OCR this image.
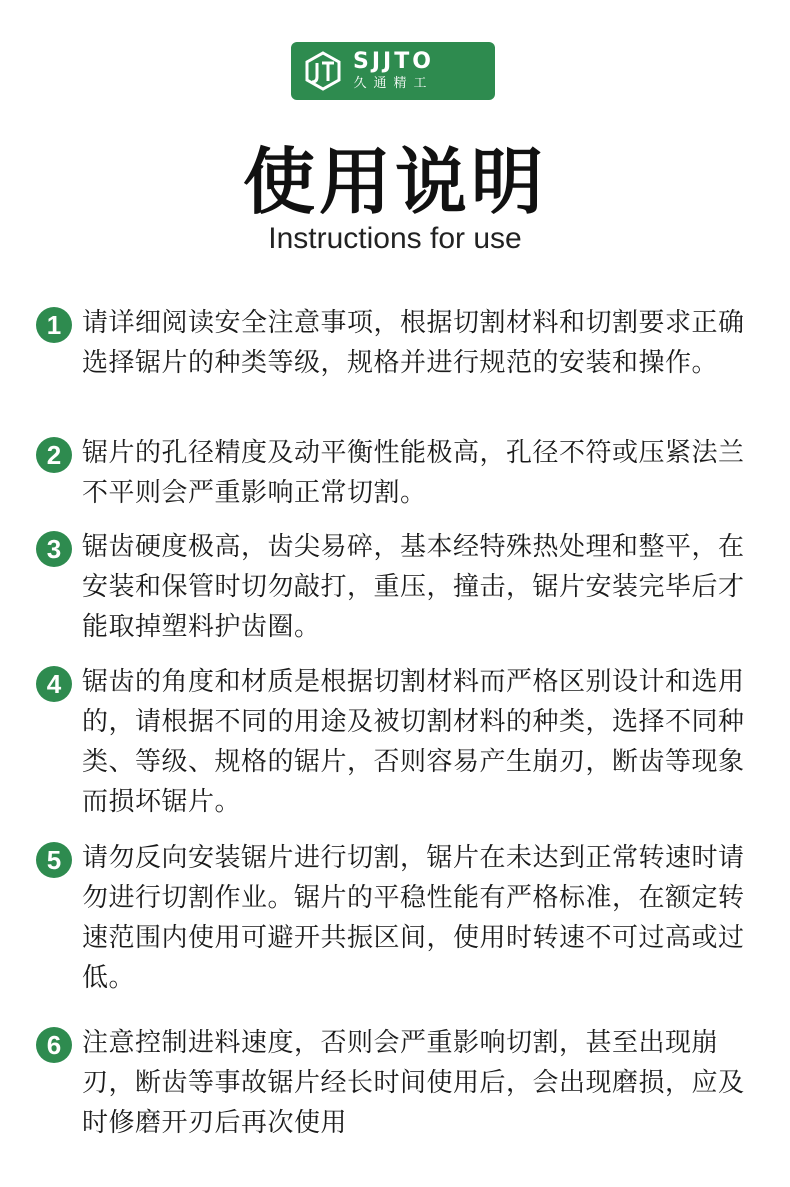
SJJTO
久通精工
使用说明
Instructions for use
1 请详细阅读安全注意事项，根据切割材料和切割要求正确选择锯片的种类等级，规格并进行规范的安装和操作。
2 锯片的孔径精度及动平衡性能极高，孔径不符或压紧法兰不平则会严重影响正常切割。
3 锯齿硬度极高，齿尖易碎，基本经特殊热处理和整平，在安装和保管时切勿敲打，重压，撞击，锯片安装完毕后才能取掉塑料护齿圈。
4 锯齿的角度和材质是根据切割材料而严格区别设计和选用的，请根据不同的用途及被切割材料的种类，选择不同种类、等级、规格的锯片，否则容易产生崩刃，断齿等现象而损坏锯片。
5 请勿反向安装锯片进行切割，锯片在未达到正常转速时请勿进行切割作业。锯片的平稳性能有严格标准，在额定转速范围内使用可避开共振区间，使用时转速不可过高或过低。
6 注意控制进料速度，否则会严重影响切割，甚至出现崩刃，断齿等事故锯片经长时间使用后，会出现磨损，应及时修磨开刃后再次使用
